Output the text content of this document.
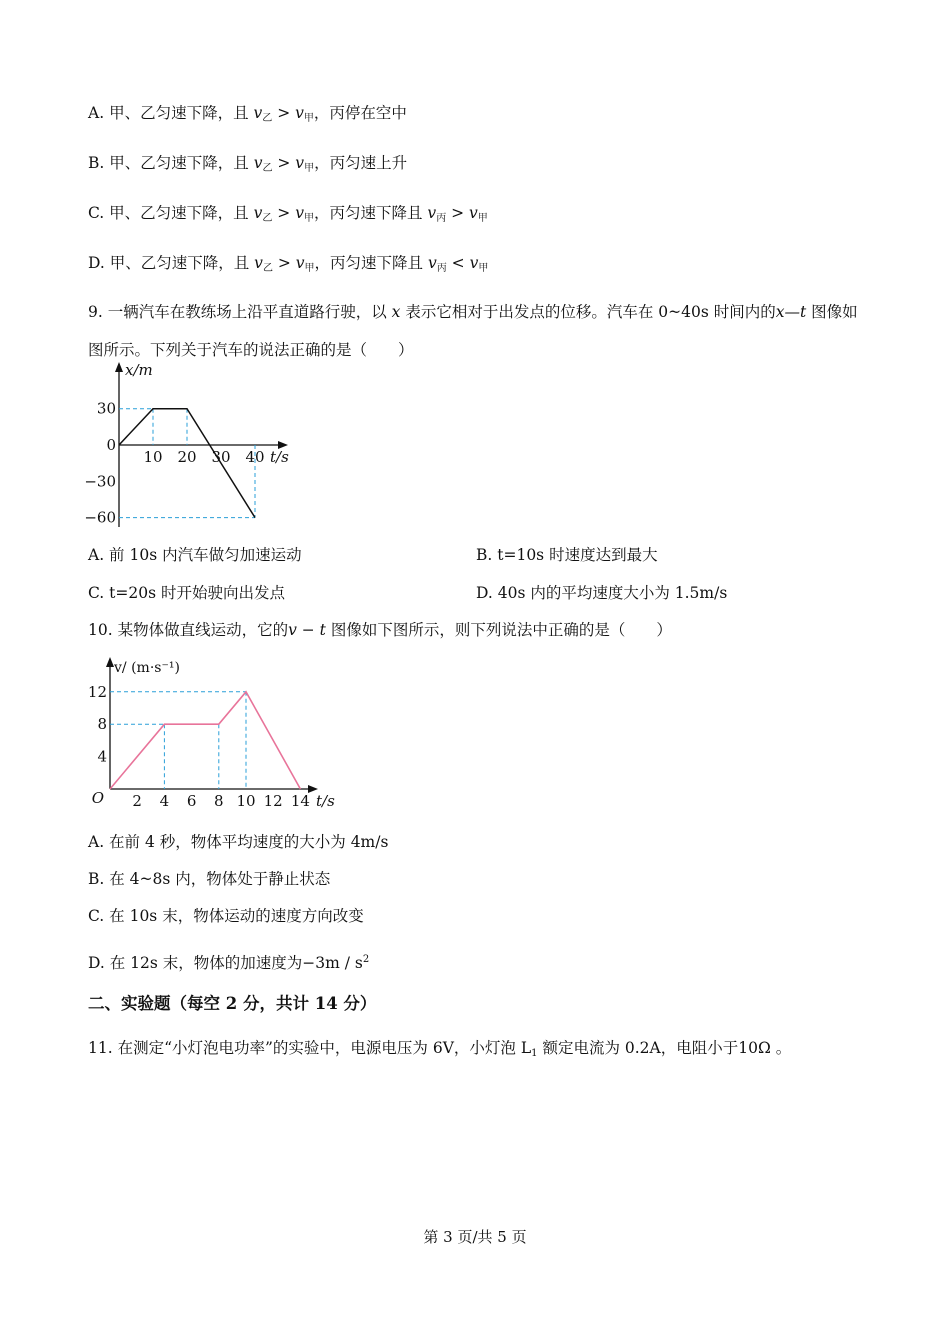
A. 甲、乙匀速下降，且 $v_乙 > v_甲$，丙停在空中
B. 甲、乙匀速下降，且 $v_乙 > v_甲$，丙匀速上升
C. 甲、乙匀速下降，且 $v_乙 > v_甲$，丙匀速下降且 $v_丙 > v_甲$
D. 甲、乙匀速下降，且 $v_乙 > v_甲$，丙匀速下降且 $v_丙 < v_甲$
9. 一辆汽车在教练场上沿平直道路行驶，以 x 表示它相对于出发点的位移。汽车在 0~40s 时间内的x—t 图像如图所示。下列关于汽车的说法正确的是（　　）
10 20 30 40 t/s
30
0
−30
−60
x/m
A. 前 10s 内汽车做匀加速运动	B. t=10s 时速度达到最大
C. t=20s 时开始驶向出发点	D. 40s 内的平均速度大小为 1.5m/s
10. 某物体做直线运动，它的v − t 图像如下图所示，则下列说法中正确的是（　　）
2 4 6 8 10 12 14 t/s
12
8
4
O
v/ (m·s⁻¹)
A. 在前 4 秒，物体平均速度的大小为 4m/s
B. 在 4~8s 内，物体处于静止状态
C. 在 10s 末，物体运动的速度方向改变
D. 在 12s 末，物体的加速度为$-3m / s^2$
二、实验题（每空 2 分，共计 14 分）
11. 在测定“小灯泡电功率”的实验中，电源电压为 6V，小灯泡 $L_1$ 额定电流为 0.2A，电阻小于10Ω 。
第 3 页/共 5 页
